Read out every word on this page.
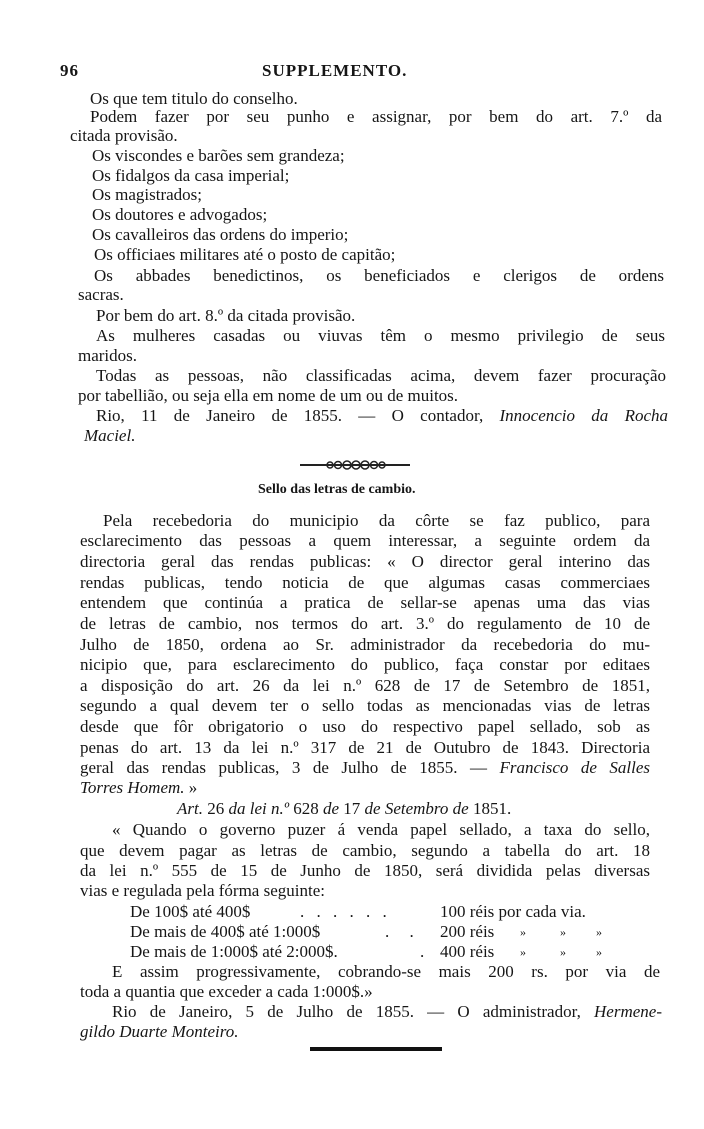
96	SUPPLEMENTO.
Os que tem titulo do conselho.
Podem fazer por seu punho e assignar, por bem do art. 7.º da
citada provisão.
Os viscondes e barões sem grandeza;
Os fidalgos da casa imperial;
Os magistrados;
Os doutores e advogados;
Os cavalleiros das ordens do imperio;
Os officiaes militares até o posto de capitão;
Os abbades benedictinos, os beneficiados e clerigos de ordens
sacras.
Por bem do art. 8.º da citada provisão.
As mulheres casadas ou viuvas têm o mesmo privilegio de seus
maridos.
Todas as pessoas, não classificadas acima, devem fazer procuração
por tabellião, ou seja ella em nome de um ou de muitos.
Rio, 11 de Janeiro de 1855. — O contador, Innocencio da Rocha
Maciel.
Sello das letras de cambio.
Pela recebedoria do municipio da côrte se faz publico, para
esclarecimento das pessoas a quem interessar, a seguinte ordem da
directoria geral das rendas publicas: « O director geral interino das
rendas publicas, tendo noticia de que algumas casas commerciaes
entendem que continúa a pratica de sellar-se apenas uma das vias
de letras de cambio, nos termos do art. 3.º do regulamento de 10 de
Julho de 1850, ordena ao Sr. administrador da recebedoria do mu-
nicipio que, para esclarecimento do publico, faça constar por editaes
a disposição do art. 26 da lei n.º 628 de 17 de Setembro de 1851,
segundo a qual devem ter o sello todas as mencionadas vias de letras
desde que fôr obrigatorio o uso do respectivo papel sellado, sob as
penas do art. 13 da lei n.º 317 de 21 de Outubro de 1843. Directoria
geral das rendas publicas, 3 de Julho de 1855. — Francisco de Salles
Torres Homem. »
Art. 26 da lei n.º 628 de 17 de Setembro de 1851.
« Quando o governo puzer á venda papel sellado, a taxa do sello,
que devem pagar as letras de cambio, segundo a tabella do art. 18
da lei n.º 555 de 15 de Junho de 1850, será dividida pelas diversas
vias e regulada pela fórma seguinte:
De 100$ até 400$	. . . . . .	100 réis por cada via.
De mais de 400$ até 1:000$	. . 200 réis »	»	»
De mais de 1:000$ até 2:000$.	. 400 réis »	»	»
E assim progressivamente, cobrando-se mais 200 rs. por via de
toda a quantia que exceder a cada 1:000$.»
Rio de Janeiro, 5 de Julho de 1855. — O administrador, Hermene-
gildo Duarte Monteiro.
